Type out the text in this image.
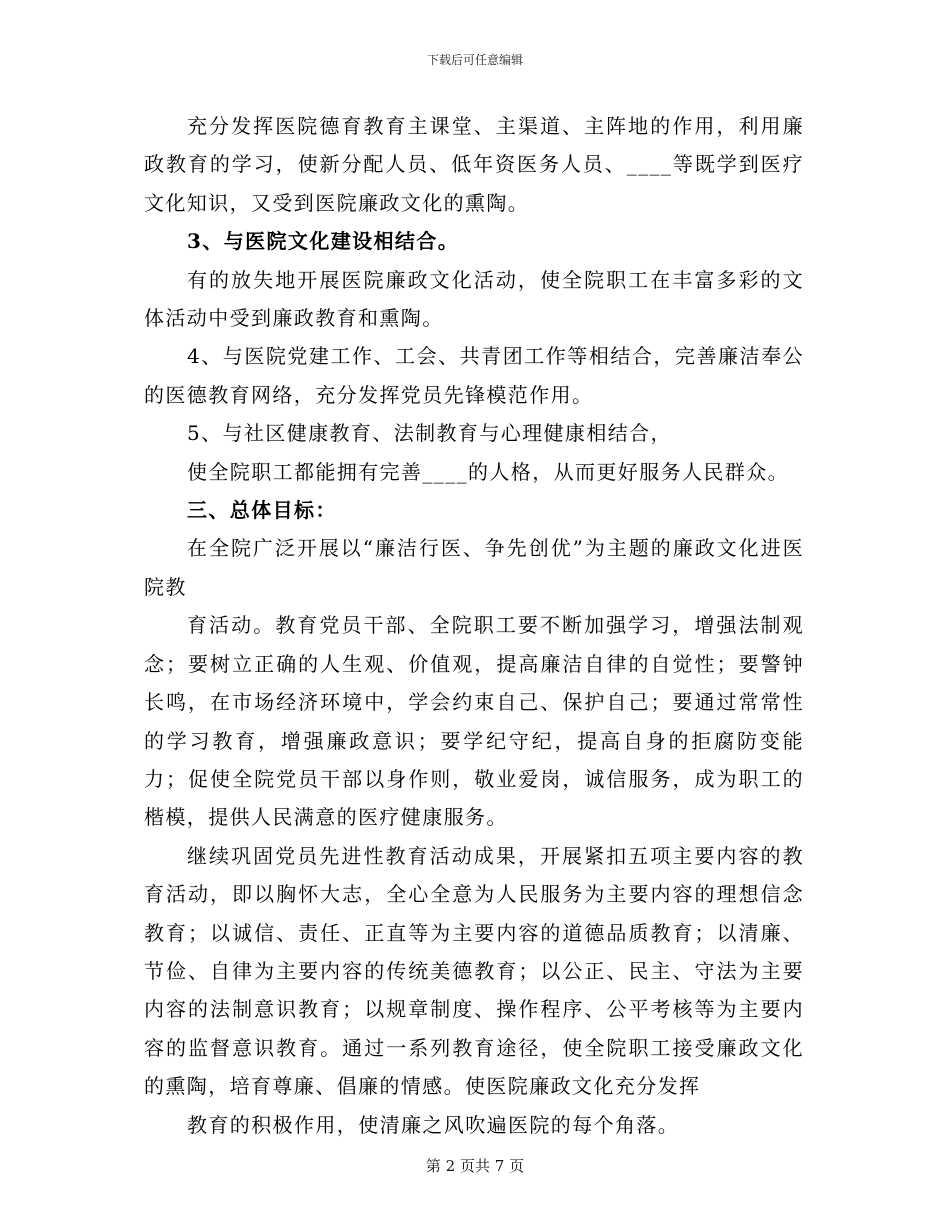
下载后可任意编辑

充分发挥医院德育教育主课堂、主渠道、主阵地的作用，利用廉政教育的学习，使新分配人员、低年资医务人员、____等既学到医疗文化知识，又受到医院廉政文化的熏陶。

3、与医院文化建设相结合。

有的放失地开展医院廉政文化活动，使全院职工在丰富多彩的文体活动中受到廉政教育和熏陶。

4、与医院党建工作、工会、共青团工作等相结合，完善廉洁奉公的医德教育网络，充分发挥党员先锋模范作用。

5、与社区健康教育、法制教育与心理健康相结合，

使全院职工都能拥有完善____的人格，从而更好服务人民群众。

三、总体目标：

在全院广泛开展以“廉洁行医、争先创优”为主题的廉政文化进医院教

育活动。教育党员干部、全院职工要不断加强学习，增强法制观念；要树立正确的人生观、价值观，提高廉洁自律的自觉性；要警钟长鸣，在市场经济环境中，学会约束自己、保护自己；要通过常常性的学习教育，增强廉政意识；要学纪守纪，提高自身的拒腐防变能力；促使全院党员干部以身作则，敬业爱岗，诚信服务，成为职工的楷模，提供人民满意的医疗健康服务。

继续巩固党员先进性教育活动成果，开展紧扣五项主要内容的教育活动，即以胸怀大志，全心全意为人民服务为主要内容的理想信念教育；以诚信、责任、正直等为主要内容的道德品质教育；以清廉、节俭、自律为主要内容的传统美德教育；以公正、民主、守法为主要内容的法制意识教育；以规章制度、操作程序、公平考核等为主要内容的监督意识教育。通过一系列教育途径，使全院职工接受廉政文化的熏陶，培育尊廉、倡廉的情感。使医院廉政文化充分发挥

教育的积极作用，使清廉之风吹遍医院的每个角落。

第 2 页共 7 页
